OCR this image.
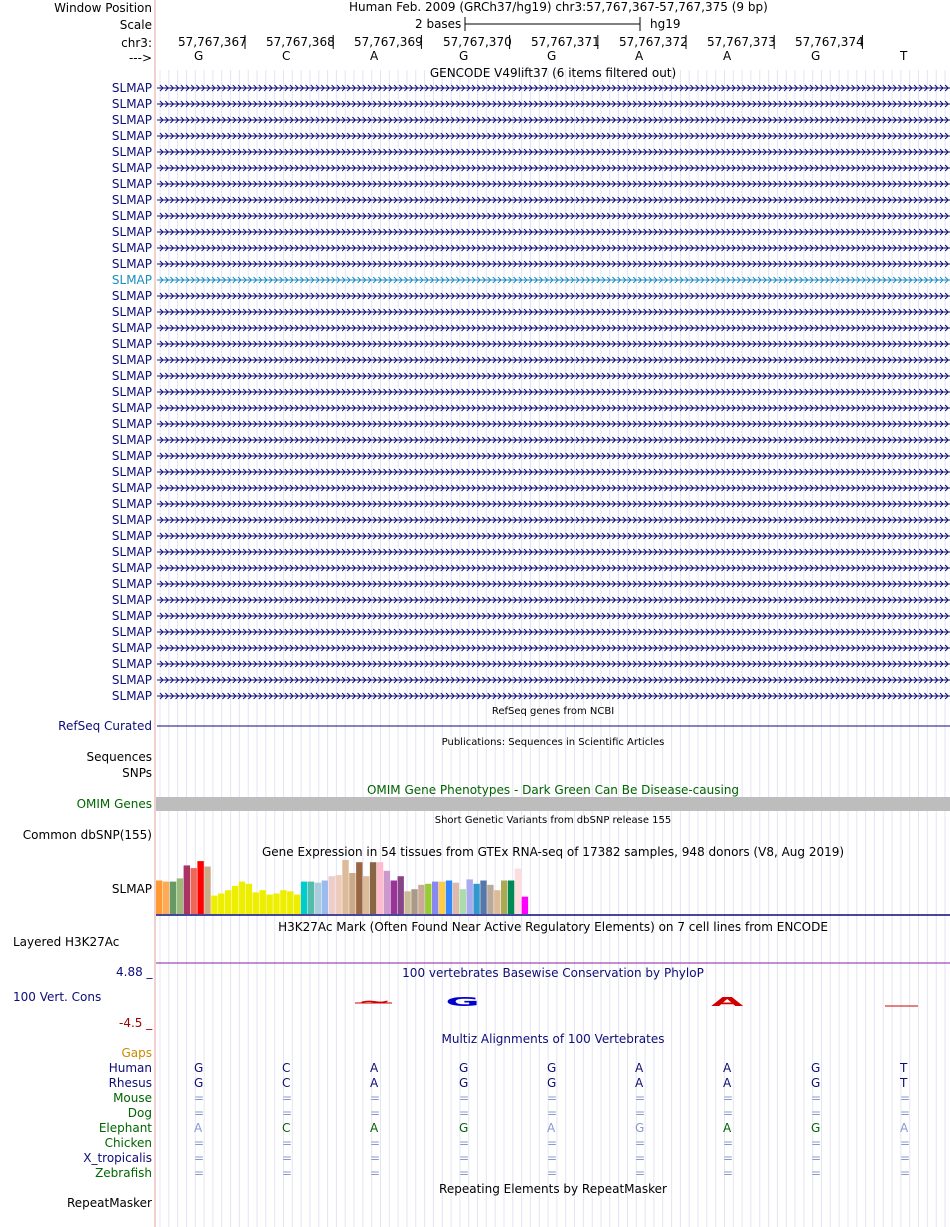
~	G	A
Window Position	Human Feb. 2009 (GRCh37/hg19) chr3:57,767,367-57,767,375 (9 bp)
Scale	2 bases	hg19
chr3:
--->
57,767,367 57,767,368 57,767,369 57,767,370 57,767,371 57,767,372 57,767,373 57,767,374
G	C	A	G	G	A	A	G	T
GENCODE V49lift37 (6 items filtered out)
SLMAP
SLMAP
SLMAP
SLMAP
SLMAP
SLMAP
SLMAP
SLMAP
SLMAP
SLMAP
SLMAP
SLMAP
SLMAP
SLMAP
SLMAP
SLMAP
SLMAP
SLMAP
SLMAP
SLMAP
SLMAP
SLMAP
SLMAP
SLMAP
SLMAP
SLMAP
SLMAP
SLMAP
SLMAP
SLMAP
SLMAP
SLMAP
SLMAP
SLMAP
SLMAP
SLMAP
SLMAP
SLMAP
SLMAP
RefSeq genes from NCBI
RefSeq Curated
Publications: Sequences in Scientific Articles
Sequences
SNPs
OMIM Gene Phenotypes - Dark Green Can Be Disease-causing
OMIM Genes
Short Genetic Variants from dbSNP release 155
Common dbSNP(155)
Gene Expression in 54 tissues from GTEx RNA-seq of 17382 samples, 948 donors (V8, Aug 2019)
SLMAP
H3K27Ac Mark (Often Found Near Active Regulatory Elements) on 7 cell lines from ENCODE
Layered H3K27Ac
100 vertebrates Basewise Conservation by PhyloP
4.88 _
100 Vert. Cons
-4.5 _
Multiz Alignments of 100 Vertebrates
Gaps
Human	G	C	A	G	G	A	A	G	T
Rhesus	G	C	A	G	G	A	A	G	T
Mouse	=	=	=	=	=	=	=	=	=
Dog	=	=	=	=	=	=	=	=	=
Elephant	A	C	A	G	A	G	A	G	A
Chicken	=	=	=	=	=	=	=	=	=
X_tropicalis	=	=	=	=	=	=	=	=	=
Zebrafish	=	=	=	=	=	=	=	=	=
Repeating Elements by RepeatMasker
RepeatMasker
